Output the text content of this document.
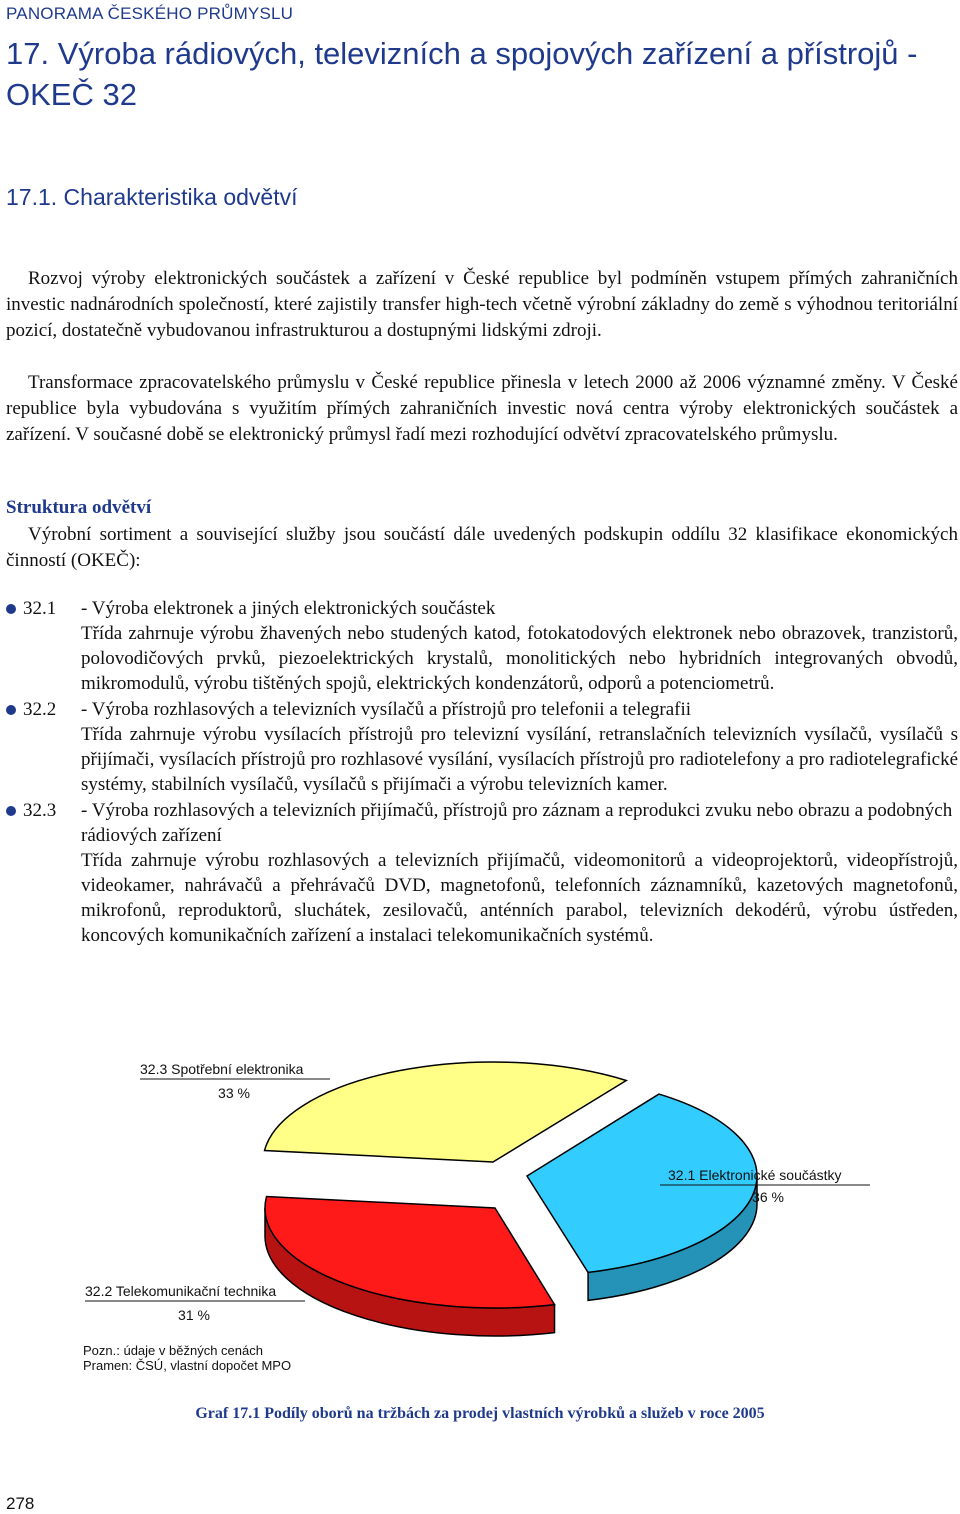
PANORAMA ČESKÉHO PRŮMYSLU
17. Výroba rádiových, televizních a spojových zařízení a přístrojů - OKEČ 32
17.1. Charakteristika odvětví

Rozvoj výroby elektronických součástek a zařízení v České republice byl podmíněn vstupem přímých zahraničních investic nadnárodních společností, které zajistily transfer high-tech včetně výrobní základny do země s výhodnou teritoriální pozicí, dostatečně vybudovanou infrastrukturou a dostupnými lidskými zdroji.

Transformace zpracovatelského průmyslu v České republice přinesla v letech 2000 až 2006 významné změny. V České republice byla vybudována s využitím přímých zahraničních investic nová centra výroby elektronických součástek a zařízení. V současné době se elektronický průmysl řadí mezi rozhodující odvětví zpracovatelského průmyslu.

Struktura odvětví

Výrobní sortiment a související služby jsou součástí dále uvedených podskupin oddílu 32 klasifikace ekonomických činností (OKEČ):

32.1 - Výroba elektronek a jiných elektronických součástek

Třída zahrnuje výrobu žhavených nebo studených katod, fotokatodových elektronek nebo obrazovek, tranzistorů, polovodičových prvků, piezoelektrických krystalů, monolitických nebo hybridních integrovaných obvodů, mikromodulů, výrobu tištěných spojů, elektrických kondenzátorů, odporů a potenciometrů.

32.2 - Výroba rozhlasových a televizních vysílačů a přístrojů pro telefonii a telegrafii

Třída zahrnuje výrobu vysílacích přístrojů pro televizní vysílání, retranslačních televizních vysílačů, vysílačů s přijímači, vysílacích přístrojů pro rozhlasové vysílání, vysílacích přístrojů pro radiotelefony a pro radiotelegrafické systémy, stabilních vysílačů, vysílačů s přijímači a výrobu televizních kamer.

32.3 - Výroba rozhlasových a televizních přijímačů, přístrojů pro záznam a reprodukci zvuku nebo obrazu a podobných rádiových zařízení

Třída zahrnuje výrobu rozhlasových a televizních přijímačů, videomonitorů a videoprojektorů, videopřístrojů, videokamer, nahrávačů a přehrávačů DVD, magnetofonů, telefonních záznamníků, kazetových magnetofonů, mikrofonů, reproduktorů, sluchátek, zesilovačů, anténních parabol, televizních dekodérů, výrobu ústředen, koncových komunikačních zařízení a instalaci telekomunikačních systémů.

32.3 Spotřební elektronika
33 %
32.1 Elektronické součástky
36 %
32.2 Telekomunikační technika
31 %

Pozn.: údaje v běžných cenách

Pramen: ČSÚ, vlastní dopočet MPO

Graf 17.1 Podíly oborů na tržbách za prodej vlastních výrobků a služeb v roce 2005

278
